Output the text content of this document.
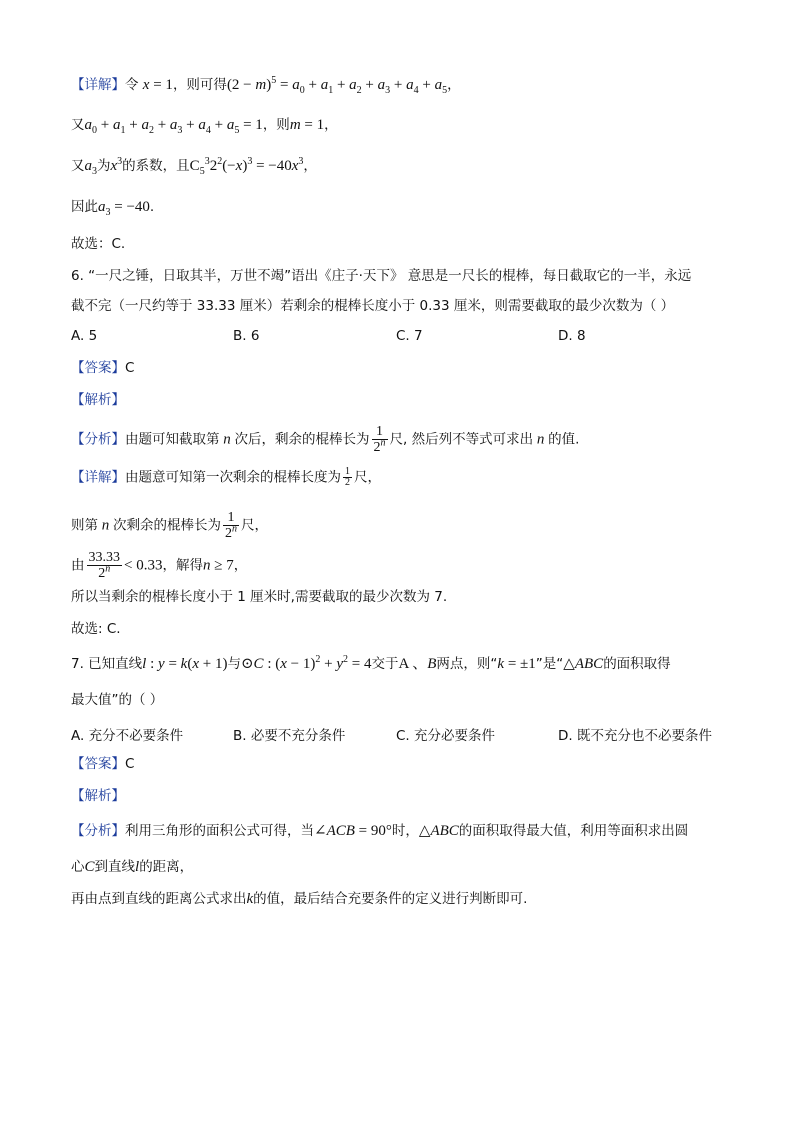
【详解】令 x = 1，则可得$(2 - m)^5 = a_0 + a_1 + a_2 + a_3 + a_4 + a_5$，
又$a_0 + a_1 + a_2 + a_3 + a_4 + a_5 = 1$，则m = 1，
又$a_3$为$x^3$的系数，且$C_5^32^2(-x)^3 = -40x^3$，
因此$a_3 = -40$.
故选：C.
6. “一尺之锤，日取其半，万世不竭”语出《庄子·天下》 意思是一尺长的棍棒，每日截取它的一半，永远
截不完（一尺约等于 33.33 厘米）若剩余的棍棒长度小于 0.33 厘米，则需要截取的最少次数为（ ）
A. 5	B. 6	C. 7	D. 8
【答案】C
【解析】
【分析】由题可知截取第 n 次后，剩余的棍棒长为 $\frac{1}{2^n}$ 尺, 然后列不等式可求出 n 的值.
【详解】由题意可知第一次剩余的棍棒长度为 $\frac{1}{2}$ 尺，
则第 n 次剩余的棍棒长为 $\frac{1}{2^n}$ 尺，
由 $\frac{33.33}{2^n} < 0.33$，解得n ≥ 7，
所以当剩余的棍棒长度小于 1 厘米时,需要截取的最少次数为 7.
故选: C.
7. 已知直线l : y = k(x + 1)与⊙C : $(x - 1)^2 + y^2 = 4$交于A 、B两点，则“k = ±1”是“△ABC的面积取得
最大值”的（ ）
A. 充分不必要条件	B. 必要不充分条件	C. 充分必要条件	D. 既不充分也不必要条件
【答案】C
【解析】
【分析】利用三角形的面积公式可得，当∠ACB = 90°时，△ABC的面积取得最大值，利用等面积求出圆
心C到直线l的距离，
再由点到直线的距离公式求出k的值，最后结合充要条件的定义进行判断即可.
